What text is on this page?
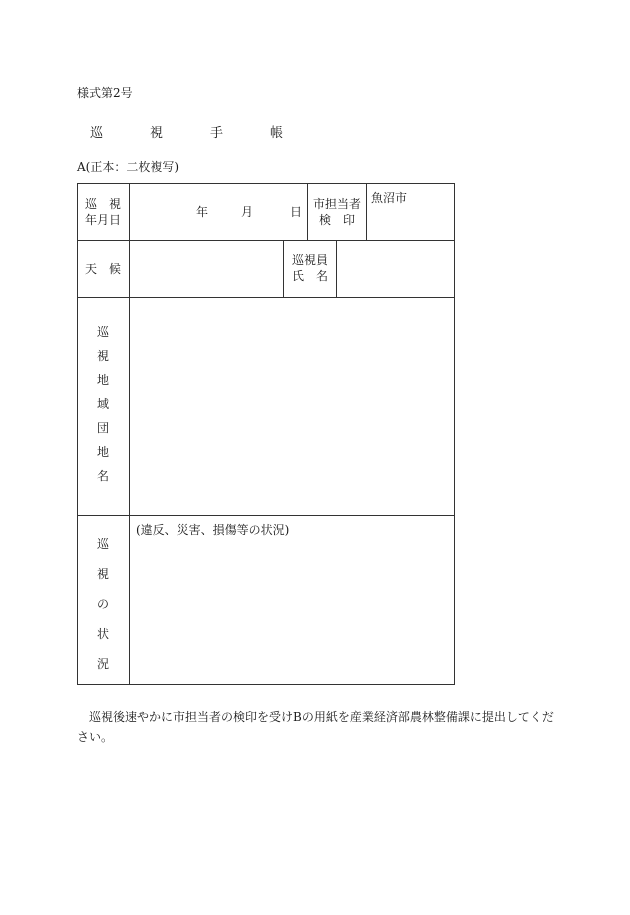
様式第2号
巡　視　手　帳
A(正本：二枚複写)
巡　視
年月日
年	月	日
市担当者
検　印
魚沼市
天　候
巡視員
氏　名
巡
視
地
域
団
地
名
巡
視
の
状
況
(違反、災害、損傷等の状況)
巡視後速やかに市担当者の検印を受けBの用紙を産業経済部農林整備課に提出してください。
